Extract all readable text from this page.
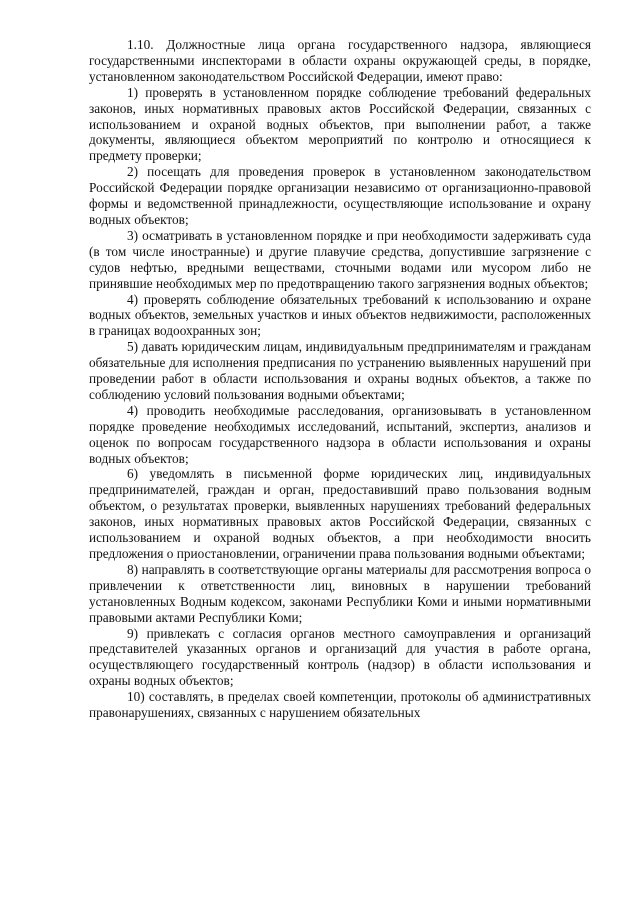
1.10. Должностные лица органа государственного надзора, являющиеся государственными инспекторами в области охраны окружающей среды, в порядке, установленном законодательством Российской Федерации, имеют право:

1) проверять в установленном порядке соблюдение требований федеральных законов, иных нормативных правовых актов Российской Федерации, связанных с использованием и охраной водных объектов, при выполнении работ, а также документы, являющиеся объектом мероприятий по контролю и относящиеся к предмету проверки;

2) посещать для проведения проверок в установленном законодательством Российской Федерации порядке организации независимо от организационно-правовой формы и ведомственной принадлежности, осуществляющие использование и охрану водных объектов;

3) осматривать в установленном порядке и при необходимости задерживать суда (в том числе иностранные) и другие плавучие средства, допустившие загрязнение с судов нефтью, вредными веществами, сточными водами или мусором либо не принявшие необходимых мер по предотвращению такого загрязнения водных объектов;

4) проверять соблюдение обязательных требований к использованию и охране водных объектов, земельных участков и иных объектов недвижимости, расположенных в границах водоохранных зон;

5) давать юридическим лицам, индивидуальным предпринимателям и гражданам обязательные для исполнения предписания по устранению выявленных нарушений при проведении работ в области использования и охраны водных объектов, а также по соблюдению условий пользования водными объектами;

4) проводить необходимые расследования, организовывать в установленном порядке проведение необходимых исследований, испытаний, экспертиз, анализов и оценок по вопросам государственного надзора в области использования и охраны водных объектов;

6) уведомлять в письменной форме юридических лиц, индивидуальных предпринимателей, граждан и орган, предоставивший право пользования водным объектом, о результатах проверки, выявленных нарушениях требований федеральных законов, иных нормативных правовых актов Российской Федерации, связанных с использованием и охраной водных объектов, а при необходимости вносить предложения о приостановлении, ограничении права пользования водными объектами;

8) направлять в соответствующие органы материалы для рассмотрения вопроса о привлечении к ответственности лиц, виновных в нарушении требований установленных Водным кодексом, законами Республики Коми и иными нормативными правовыми актами Республики Коми;

9) привлекать с согласия органов местного самоуправления и организаций представителей указанных органов и организаций для участия в работе органа, осуществляющего государственный контроль (надзор) в области использования и охраны водных объектов;

10) составлять, в пределах своей компетенции, протоколы об административных правонарушениях, связанных с нарушением обязательных
